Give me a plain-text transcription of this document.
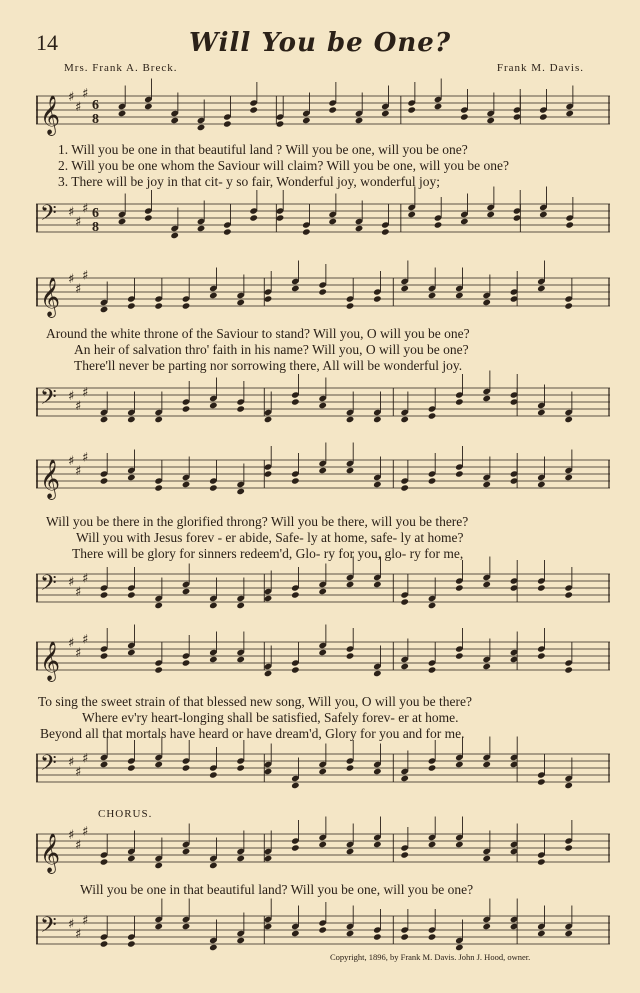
14	Will You be One?
Mrs. Frank A. Breck.	Frank M. Davis.
𝄞 ♯
♯
♯
6
8
1. Will you be one in that beautiful land ? Will you be one, will you be one?
2. Will you be one whom the Saviour will claim? Will you be one, will you be one?
3. There will be joy in that cit- y so fair, Wonderful joy, wonderful joy;
𝄢 ♯
♯
♯ 6
8
𝄞 ♯
♯
♯
Around the white throne of the Saviour to stand? Will you, O will you be one?
An heir of salvation thro' faith in his name? Will you, O will you be one?
There'll never be parting nor sorrowing there, All will be wonderful joy.
𝄢 ♯
♯
♯
𝄞 ♯
♯
♯
Will you be there in the glorified throng? Will you be there, will you be there?
Will you with Jesus forev - er abide, Safe- ly at home, safe- ly at home?
There will be glory for sinners redeem'd, Glo- ry for you, glo- ry for me,
𝄢 ♯
♯
♯
𝄞 ♯
♯
♯
To sing the sweet strain of that blessed new song, Will you, O will you be there?
Where ev'ry heart-longing shall be satisfied, Safely forev- er at home.
Beyond all that mortals have heard or have dream'd, Glory for you and for me.
𝄢 ♯
♯
♯
CHORUS.
𝄞 ♯
♯
♯
Will you be one in that beautiful land? Will you be one, will you be one?
𝄢 ♯
♯
♯
Copyright, 1896, by Frank M. Davis. John J. Hood, owner.
